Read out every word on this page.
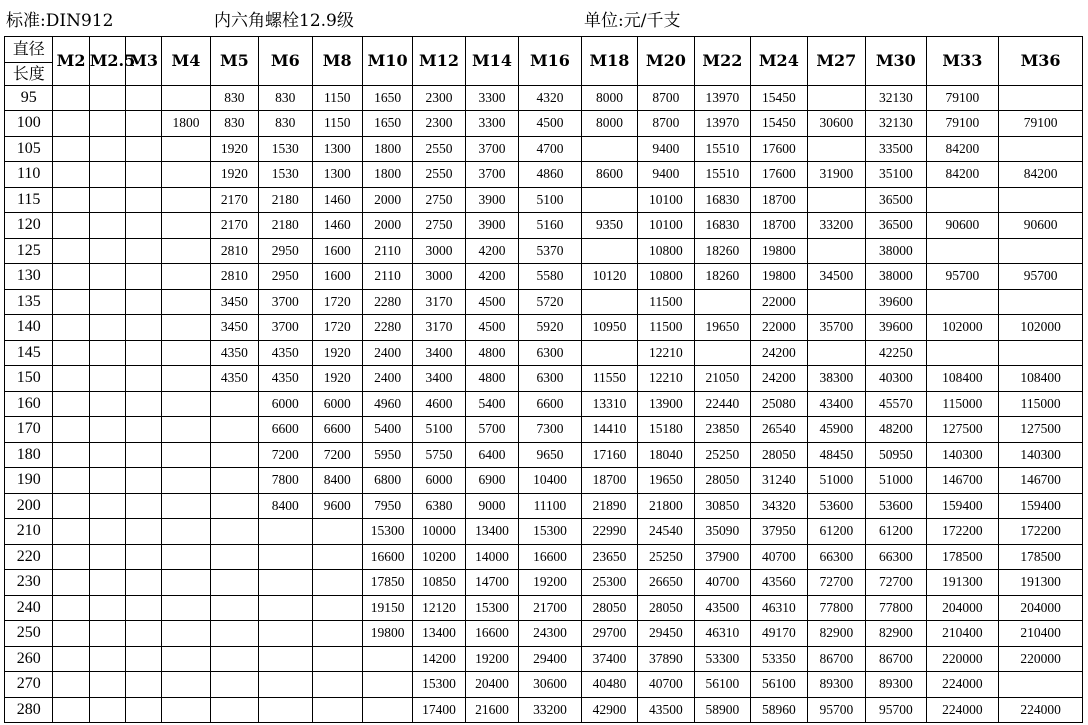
标准:DIN912	内六角螺栓12.9级	单位:元/千支
直径	M2	M2.5	M3	M4	M5	M6	M8	M10	M12	M14	M16	M18	M20	M22	M24	M27	M30	M33	M36
长度																			
95					830	830	1150	1650	2300	3300	4320	8000	8700	13970	15450		32130	79100	
100				1800	830	830	1150	1650	2300	3300	4500	8000	8700	13970	15450	30600	32130	79100	79100
105					1920	1530	1300	1800	2550	3700	4700		9400	15510	17600		33500	84200	
110					1920	1530	1300	1800	2550	3700	4860	8600	9400	15510	17600	31900	35100	84200	84200
115					2170	2180	1460	2000	2750	3900	5100		10100	16830	18700		36500		
120					2170	2180	1460	2000	2750	3900	5160	9350	10100	16830	18700	33200	36500	90600	90600
125					2810	2950	1600	2110	3000	4200	5370		10800	18260	19800		38000		
130					2810	2950	1600	2110	3000	4200	5580	10120	10800	18260	19800	34500	38000	95700	95700
135					3450	3700	1720	2280	3170	4500	5720		11500		22000		39600		
140					3450	3700	1720	2280	3170	4500	5920	10950	11500	19650	22000	35700	39600	102000	102000
145					4350	4350	1920	2400	3400	4800	6300		12210		24200		42250		
150					4350	4350	1920	2400	3400	4800	6300	11550	12210	21050	24200	38300	40300	108400	108400
160						6000	6000	4960	4600	5400	6600	13310	13900	22440	25080	43400	45570	115000	115000
170						6600	6600	5400	5100	5700	7300	14410	15180	23850	26540	45900	48200	127500	127500
180						7200	7200	5950	5750	6400	9650	17160	18040	25250	28050	48450	50950	140300	140300
190						7800	8400	6800	6000	6900	10400	18700	19650	28050	31240	51000	51000	146700	146700
200						8400	9600	7950	6380	9000	11100	21890	21800	30850	34320	53600	53600	159400	159400
210								15300	10000	13400	15300	22990	24540	35090	37950	61200	61200	172200	172200
220								16600	10200	14000	16600	23650	25250	37900	40700	66300	66300	178500	178500
230								17850	10850	14700	19200	25300	26650	40700	43560	72700	72700	191300	191300
240								19150	12120	15300	21700	28050	28050	43500	46310	77800	77800	204000	204000
250								19800	13400	16600	24300	29700	29450	46310	49170	82900	82900	210400	210400
260									14200	19200	29400	37400	37890	53300	53350	86700	86700	220000	220000
270									15300	20400	30600	40480	40700	56100	56100	89300	89300	224000	
280									17400	21600	33200	42900	43500	58900	58960	95700	95700	224000	224000
